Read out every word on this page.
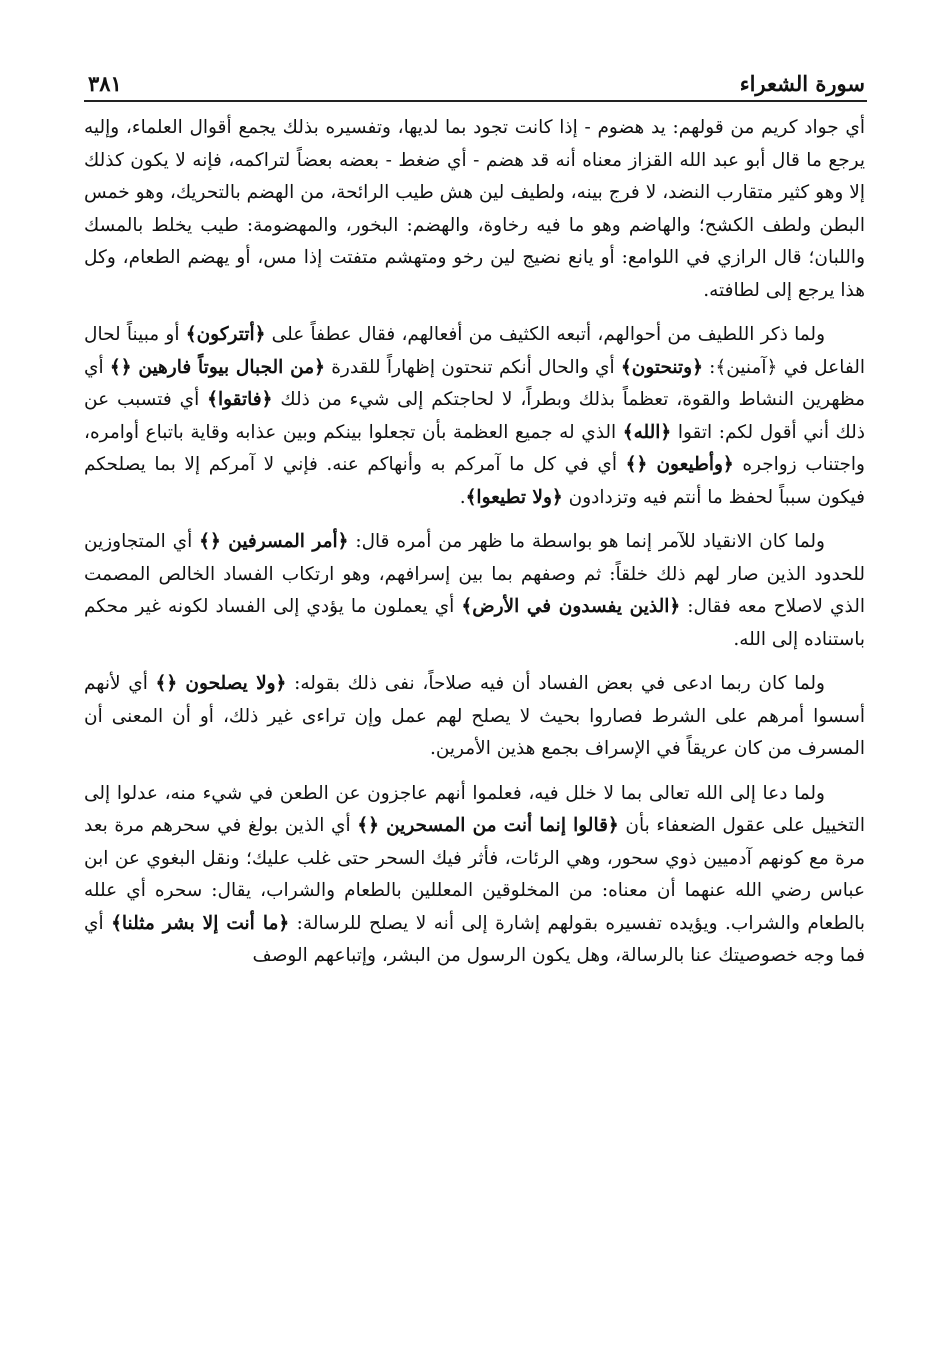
سورة الشعراء
٣٨١

أي جواد كريم من قولهم: يد هضوم - إذا كانت تجود بما لديها، وتفسيره بذلك يجمع أقوال العلماء، وإليه يرجع ما قال أبو عبد الله القزاز معناه أنه قد هضم - أي ضغط - بعضه بعضاً لتراكمه، فإنه لا يكون كذلك إلا وهو كثير متقارب النضد، لا فرج بينه، ولطيف لين هش طيب الرائحة، من الهضم بالتحريك، وهو خمس البطن ولطف الكشح؛ والهاضم وهو ما فيه رخاوة، والهضم: البخور، والمهضومة: طيب يخلط بالمسك واللبان؛ قال الرازي في اللوامع: أو يانع نضيج لين رخو ومتهشم متفتت إذا مس، أو يهضم الطعام، وكل هذا يرجع إلى لطافته.

ولما ذكر اللطيف من أحوالهم، أتبعه الكثيف من أفعالهم، فقال عطفاً على ﴿أتتركون﴾ أو مبيناً لحال الفاعل في ﴿آمنين﴾: ﴿وتنحتون﴾ أي والحال أنكم تنحتون إظهاراً للقدرة ﴿من الجبال بيوتاً فارهين ﴿﴾ أي مظهرين النشاط والقوة، تعظماً بذلك وبطراً، لا لحاجتكم إلى شيء من ذلك ﴿فاتقوا﴾ أي فتسبب عن ذلك أني أقول لكم: اتقوا ﴿الله﴾ الذي له جميع العظمة بأن تجعلوا بينكم وبين عذابه وقاية باتباع أوامره، واجتناب زواجره ﴿وأطيعون ﴿﴾ أي في كل ما آمركم به وأنهاكم عنه. فإني لا آمركم إلا بما يصلحكم فيكون سبباً لحفظ ما أنتم فيه وتزدادون ﴿ولا تطيعوا﴾.

ولما كان الانقياد للآمر إنما هو بواسطة ما ظهر من أمره قال: ﴿أمر المسرفين ﴿﴾ أي المتجاوزين للحدود الذين صار لهم ذلك خلقاً: ثم وصفهم بما بين إسرافهم، وهو ارتكاب الفساد الخالص المصمت الذي لاصلاح معه فقال: ﴿الذين يفسدون في الأرض﴾ أي يعملون ما يؤدي إلى الفساد لكونه غير محكم باستناده إلى الله.

ولما كان ربما ادعى في بعض الفساد أن فيه صلاحاً، نفى ذلك بقوله: ﴿ولا يصلحون ﴿﴾ أي لأنهم أسسوا أمرهم على الشرط فصاروا بحيث لا يصلح لهم عمل وإن تراءى غير ذلك، أو أن المعنى أن المسرف من كان عريقاً في الإسراف بجمع هذين الأمرين.

ولما دعا إلى الله تعالى بما لا خلل فيه، فعلموا أنهم عاجزون عن الطعن في شيء منه، عدلوا إلى التخييل على عقول الضعفاء بأن ﴿قالوا إنما أنت من المسحرين ﴿﴾ أي الذين بولغ في سحرهم مرة بعد مرة مع كونهم آدميين ذوي سحور، وهي الرئات، فأثر فيك السحر حتى غلب عليك؛ ونقل البغوي عن ابن عباس رضي الله عنهما أن معناه: من المخلوقين المعللين بالطعام والشراب، يقال: سحره أي علله بالطعام والشراب. ويؤيده تفسيره بقولهم إشارة إلى أنه لا يصلح للرسالة: ﴿ما أنت إلا بشر مثلنا﴾ أي فما وجه خصوصيتك عنا بالرسالة، وهل يكون الرسول من البشر، وإتباعهم الوصف
